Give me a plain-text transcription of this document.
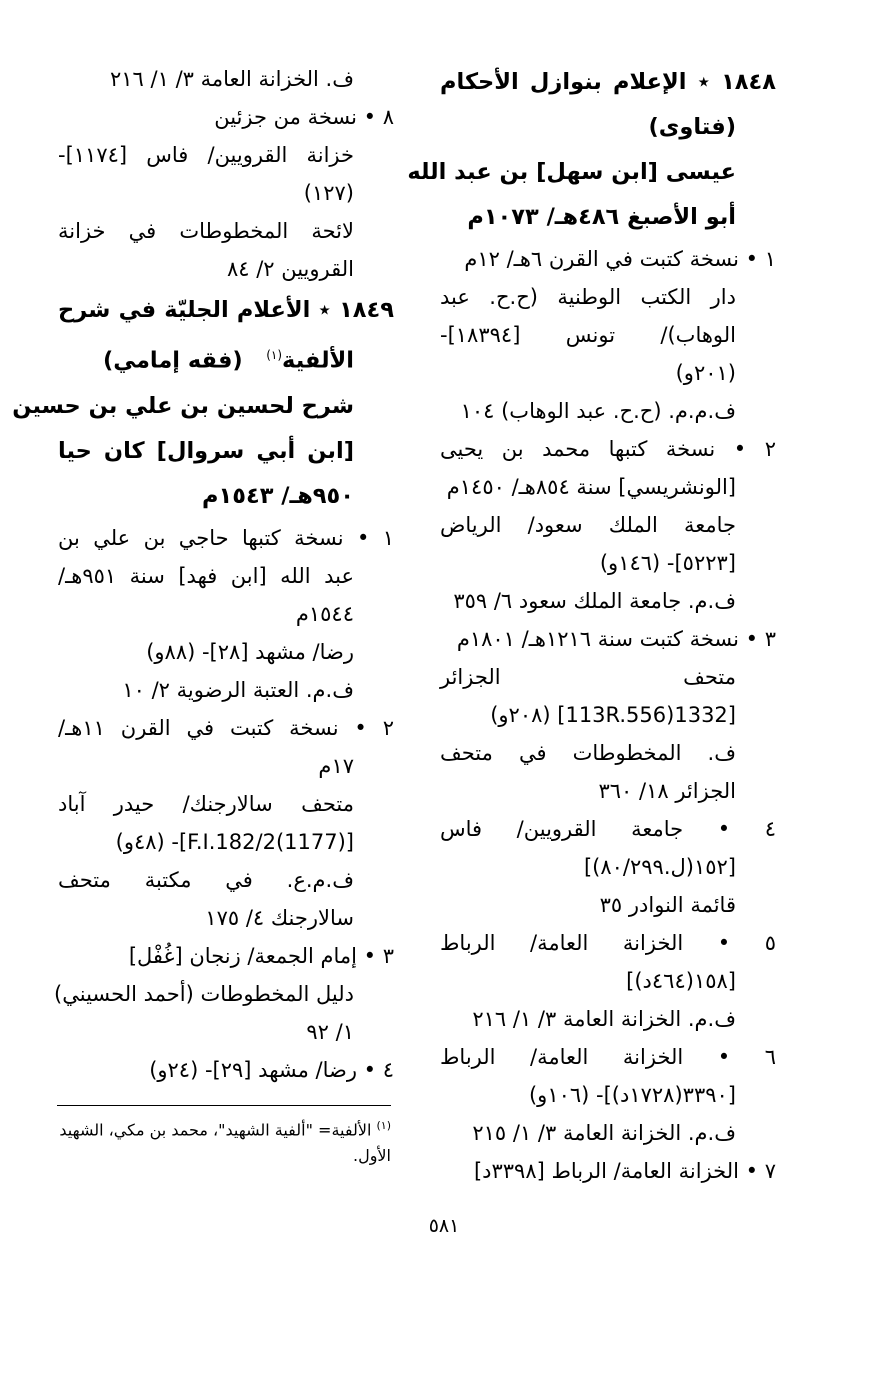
١٨٤٨ ٭ الإعلام بنوازل الأحكام
(فتاوى)
عيسى [ابن سهل] بن عبد الله
أبو الأصبغ ٤٨٦هـ/ ١٠٧٣م
١ • نسخة كتبت في القرن ٦هـ/ ١٢م
دار الكتب الوطنية (ح.ح. عبد
الوهاب)/ تونس [١٨٣٩٤]-
(٢٠١و)
ف.م.م. (ح.ح. عبد الوهاب) ١٠٤
٢ • نسخة كتبها محمد بن يحيى
[الونشريسي] سنة ٨٥٤هـ/ ١٤٥٠م
جامعة الملك سعود/ الرياض
[٥٢٢٣]- (١٤٦و)
ف.م. جامعة الملك سعود ٦/ ٣٥٩
٣ • نسخة كتبت سنة ١٢١٦هـ/ ١٨٠١م
متحف الجزائر
[1332(113R.556] (٢٠٨و)
ف. المخطوطات في متحف
الجزائر ١٨/ ٣٦٠
٤ • جامعة القرويين/ فاس
[١٥٢(ل.٨٠/٢٩٩)]
قائمة النوادر ٣٥
٥ • الخزانة العامة/ الرباط
[١٥٨(٤٦٤د)]
ف.م. الخزانة العامة ٣/ ١/ ٢١٦
٦ • الخزانة العامة/ الرباط
[٣٣٩٠(١٧٢٨د)]- (١٠٦و)
ف.م. الخزانة العامة ٣/ ١/ ٢١٥
٧ • الخزانة العامة/ الرباط [٣٣٩٨د]
ف. الخزانة العامة ٣/ ١/ ٢١٦
٨ • نسخة من جزئين
خزانة القرويين/ فاس [١١٧٤]-
(١٢٧)
لائحة المخطوطات في خزانة
القرويين ٢/ ٨٤
١٨٤٩ ٭ الأعلام الجليّة في شرح
الألفية$^{(١)}$   (فقه إمامي)
شرح لحسين بن علي بن حسين
[ابن أبي سروال] كان حيا
٩٥٠هـ/ ١٥٤٣م
١ • نسخة كتبها حاجي بن علي بن
عبد الله [ابن فهد] سنة ٩٥١هـ/
١٥٤٤م
رضا/ مشهد [٢٨]- (٨٨و)
ف.م. العتبة الرضوية ٢/ ١٠
٢ • نسخة كتبت في القرن ١١هـ/
١٧م
متحف سالارجنك/ حيدر آباد
[(1177)F.I.182/2]- (٤٨و)
ف.م.ع. في مكتبة متحف
سالارجنك ٤/ ١٧٥
٣ • إمام الجمعة/ زنجان [غُفْل]
دليل المخطوطات (أحمد الحسيني)
١/ ٩٢
٤ • رضا/ مشهد [٢٩]- (٢٤و)
$^{(١)}$ الألفية= "ألفية الشهيد"، محمد بن مكي، الشهيد
الأول.
٥٨١
